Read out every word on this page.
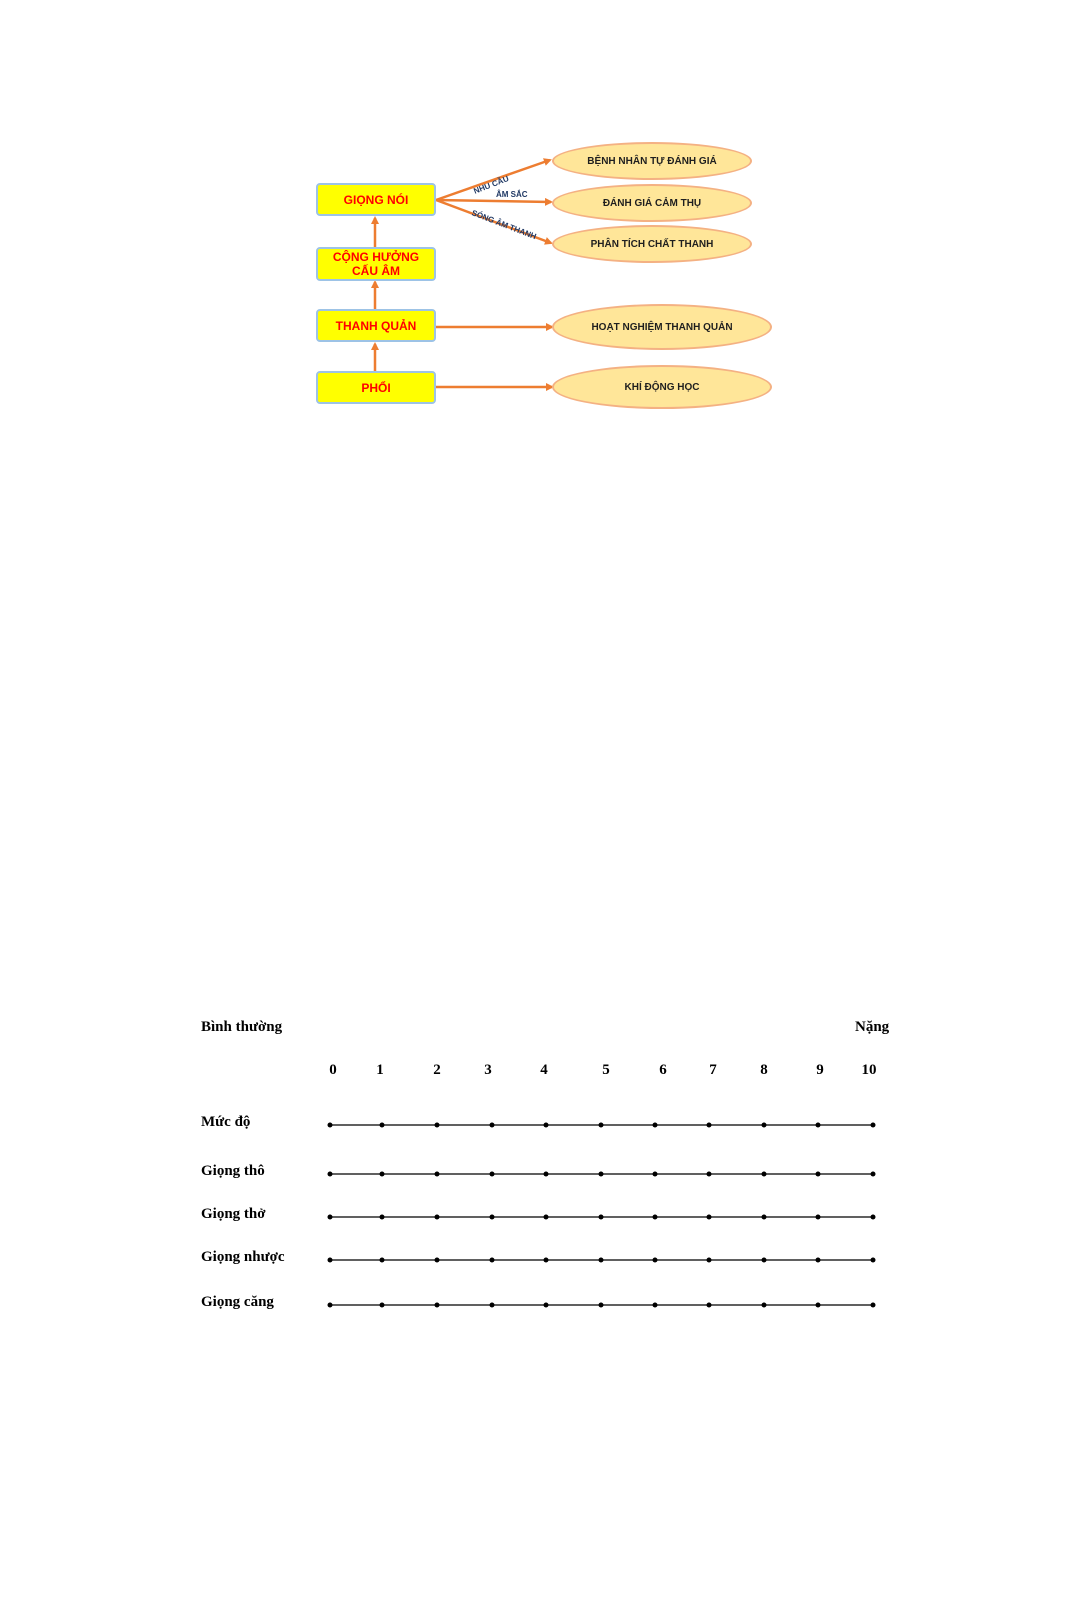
GIỌNG NÓI
CỘNG HƯỞNG
CẤU ÂM
THANH QUẢN
PHỔI
BỆNH NHÂN TỰ ĐÁNH GIÁ
ĐÁNH GIÁ CẢM THỤ
PHÂN TÍCH CHẤT THANH
HOẠT NGHIỆM THANH QUẢN
KHÍ ĐỘNG HỌC
NHU CẦU
ÂM SẮC
SÓNG ÂM THANH
Bình thường	Nặng
0	1	2	3	4	5	6	7	8	9	10
Mức độ
Giọng thô
Giọng thở
Giọng nhược
Giọng căng
